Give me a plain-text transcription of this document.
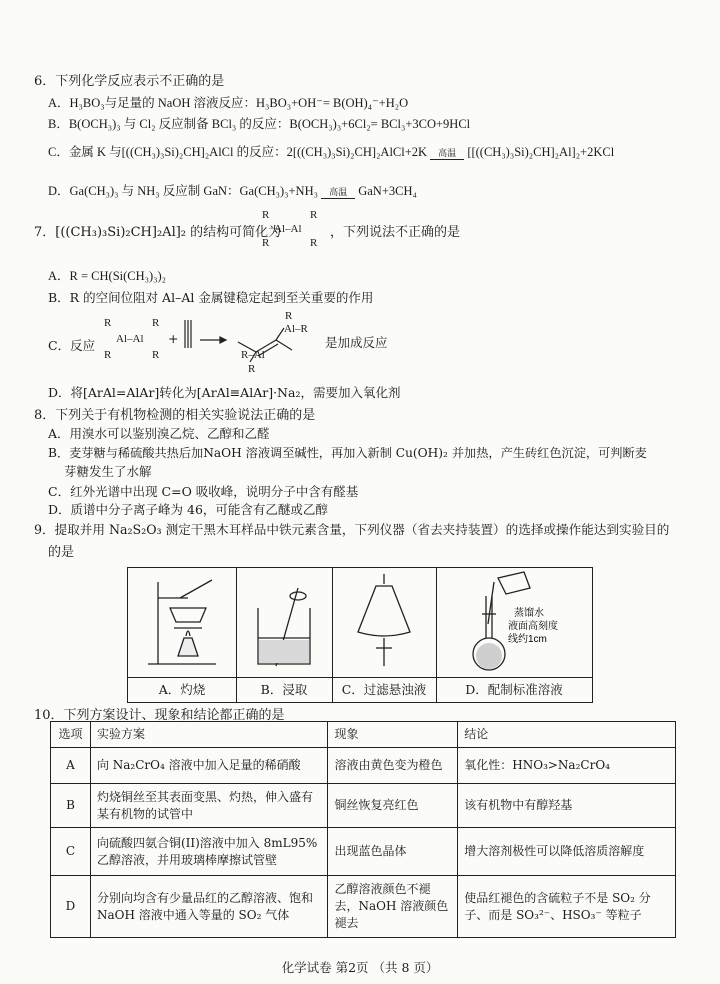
6．下列化学反应表示不正确的是
A．H₃BO₃与足量的 NaOH 溶液反应：H₃BO₃+OH⁻= B(OH)₄⁻+H₂O
B．B(OCH₃)₃ 与 Cl₂ 反应制备 BCl₃ 的反应：B(OCH₃)₃+6Cl₂= BCl₃+3CO+9HCl
C．金属 K 与[((CH₃)₃Si)₂CH]₂AlCl 的反应：2[((CH₃)₃Si)₂CH]₂AlCl+2K	高温 [[((CH₃)₃Si)₂CH]₂Al]₂+2KCl
D．Ga(CH₃)₃ 与 NH₃ 反应制 GaN：Ga(CH₃)₃+NH₃	高温 GaN+3CH₄
7．[((CH₃)₃Si)₂CH]₂Al]₂ 的结构可简化为
R	R
Al–Al
R	R
，下列说法不正确的是
A．R = CH(Si(CH₃)₃)₂
B．R 的空间位阻对 Al–Al 金属键稳定起到至关重要的作用
C．反应
R	R
Al–Al
R	R
+
R
Al–R
R–Al
R
是加成反应
D．将[ArAl=AlAr]转化为[ArAl≡AlAr]·Na₂，需要加入氧化剂
8．下列关于有机物检测的相关实验说法正确的是
A．用溴水可以鉴别溴乙烷、乙醇和乙醛
B．麦芽糖与稀硫酸共热后加NaOH 溶液调至碱性，再加入新制 Cu(OH)₂ 并加热，产生砖红色沉淀，可判断麦
芽糖发生了水解
C．红外光谱中出现 C=O 吸收峰，说明分子中含有醛基
D．质谱中分子离子峰为 46，可能含有乙醚或乙醇
9．提取并用 Na₂S₂O₃ 测定干黑木耳样品中铁元素含量，下列仪器（省去夹持装置）的选择或操作能达到实验目的
的是
A．灼烧	B．浸取	C．过滤悬浊液
蒸馏水
液面高刻度
线约1cm
D．配制标准溶液
10．下列方案设计、现象和结论都正确的是
选项	实验方案	现象	结论
A	向 Na₂CrO₄ 溶液中加入足量的稀硝酸	溶液由黄色变为橙色	氧化性：HNO₃>Na₂CrO₄
B	灼烧铜丝至其表面变黑、灼热，伸入盛有某有机物的试管中	铜丝恢复亮红色	该有机物中有醇羟基
C	向硫酸四氨合铜(II)溶液中加入 8mL95% 乙醇溶液，并用玻璃棒摩擦试管壁	出现蓝色晶体	增大溶剂极性可以降低溶质溶解度
D	分别向均含有少量品红的乙醇溶液、饱和 NaOH 溶液中通入等量的 SO₂ 气体	乙醇溶液颜色不褪去，NaOH 溶液颜色褪去	使品红褪色的含硫粒子不是 SO₂ 分子、而是 SO₃²⁻、HSO₃⁻ 等粒子
化学试卷 第2页 （共 8 页）
